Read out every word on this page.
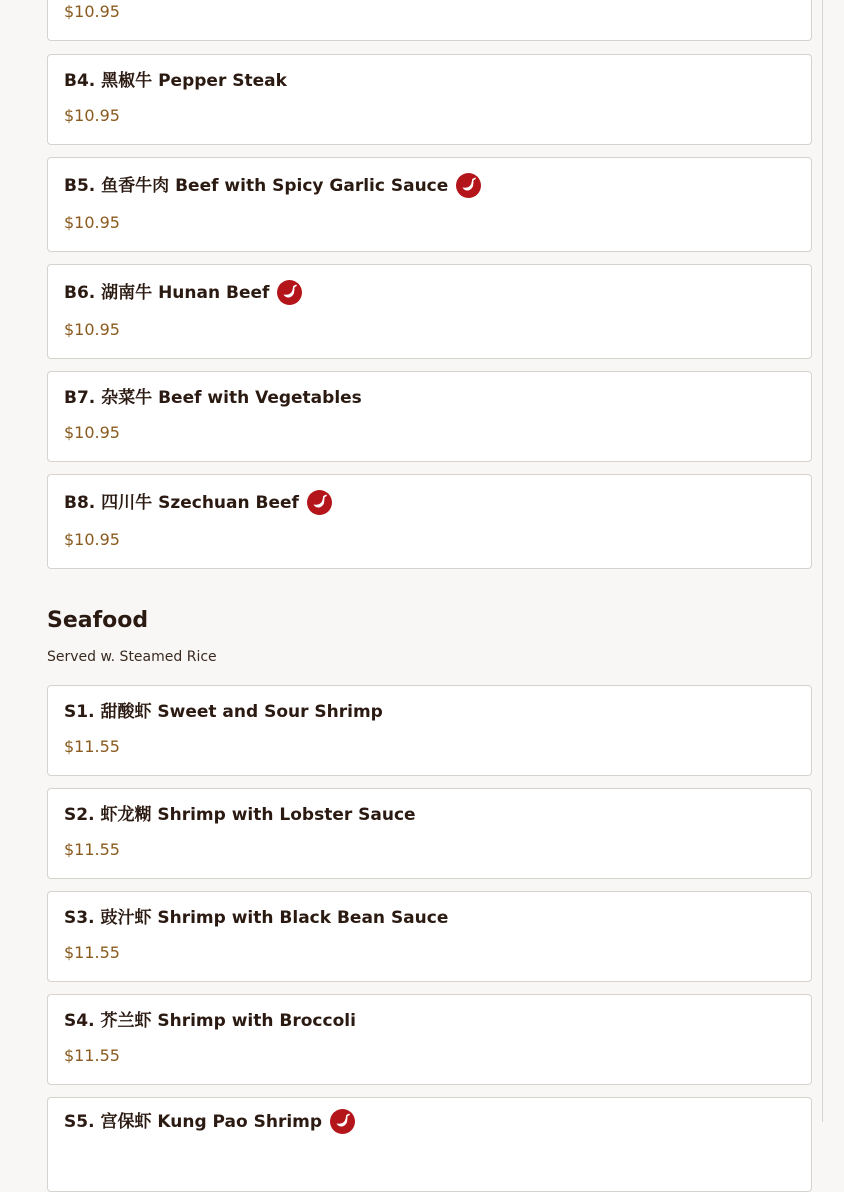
$10.95
B4. 黑椒牛 Pepper Steak
$10.95
B5. 鱼香牛肉 Beef with Spicy Garlic Sauce
$10.95
B6. 湖南牛 Hunan Beef
$10.95
B7. 杂菜牛 Beef with Vegetables
$10.95
B8. 四川牛 Szechuan Beef
$10.95
Seafood
Served w. Steamed Rice
S1. 甜酸虾 Sweet and Sour Shrimp
$11.55
S2. 虾龙糊 Shrimp with Lobster Sauce
$11.55
S3. 豉汁虾 Shrimp with Black Bean Sauce
$11.55
S4. 芥兰虾 Shrimp with Broccoli
$11.55
S5. 宫保虾 Kung Pao Shrimp
